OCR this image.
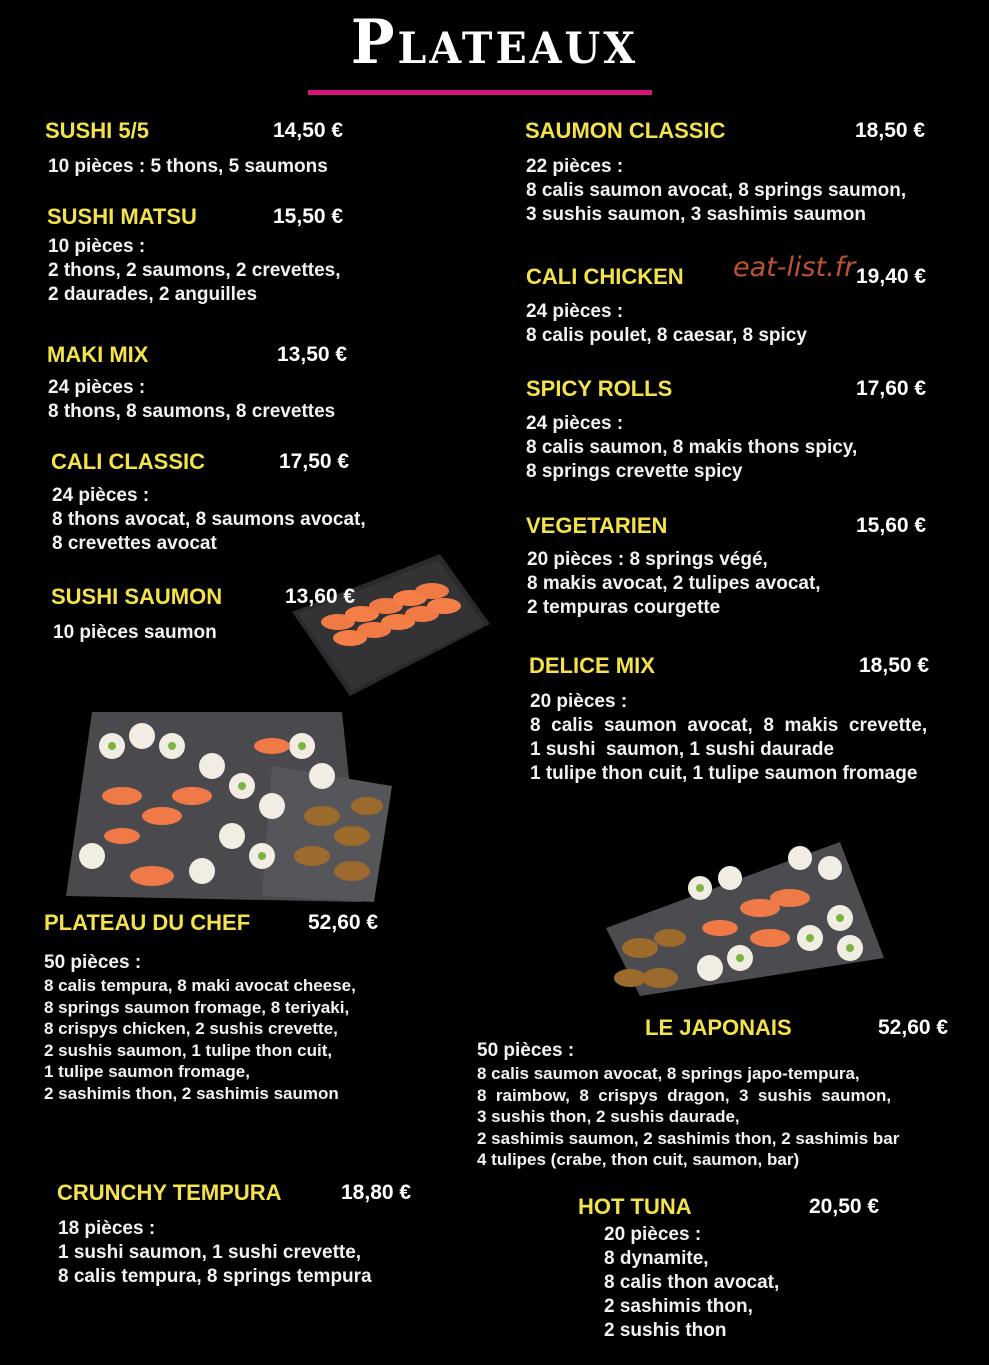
Plateaux
eat-list.fr
SUSHI 5/5	14,50 €
10 pièces : 5 thons, 5 saumons
SUSHI MATSU	15,50 €
10 pièces :
2 thons, 2 saumons, 2 crevettes,
2 daurades, 2 anguilles
MAKI MIX	13,50 €
24 pièces :
8 thons, 8 saumons, 8 crevettes
CALI CLASSIC	17,50 €
24 pièces :
8 thons avocat, 8 saumons avocat,
8 crevettes avocat
SUSHI SAUMON	13,60 €
10 pièces saumon
PLATEAU DU CHEF	52,60 €
50 pièces :
8 calis tempura, 8 maki avocat cheese,
8 springs saumon fromage, 8 teriyaki,
8 crispys chicken, 2 sushis crevette,
2 sushis saumon, 1 tulipe thon cuit,
1 tulipe saumon fromage,
2 sashimis thon, 2 sashimis saumon
CRUNCHY TEMPURA	18,80 €
18 pièces :
1 sushi saumon, 1 sushi crevette,
8 calis tempura, 8 springs tempura
SAUMON CLASSIC	18,50 €
22 pièces :
8 calis saumon avocat, 8 springs saumon,
3 sushis saumon, 3 sashimis saumon
CALI CHICKEN	19,40 €
24 pièces :
8 calis poulet, 8 caesar, 8 spicy
SPICY ROLLS	17,60 €
24 pièces :
8 calis saumon, 8 makis thons spicy,
8 springs crevette spicy
VEGETARIEN	15,60 €
20 pièces : 8 springs végé,
8 makis avocat, 2 tulipes avocat,
2 tempuras courgette
DELICE MIX	18,50 €
20 pièces :
8  calis  saumon  avocat,  8  makis  crevette,
1 sushi  saumon, 1 sushi daurade
1 tulipe thon cuit, 1 tulipe saumon fromage
LE JAPONAIS	52,60 €
50 pièces :
8 calis saumon avocat, 8 springs japo-tempura,
8  raimbow,  8  crispys  dragon,  3  sushis  saumon,
3 sushis thon, 2 sushis daurade,
2 sashimis saumon, 2 sashimis thon, 2 sashimis bar
4 tulipes (crabe, thon cuit, saumon, bar)
HOT TUNA	20,50 €
20 pièces :
8 dynamite,
8 calis thon avocat,
2 sashimis thon,
2 sushis thon
